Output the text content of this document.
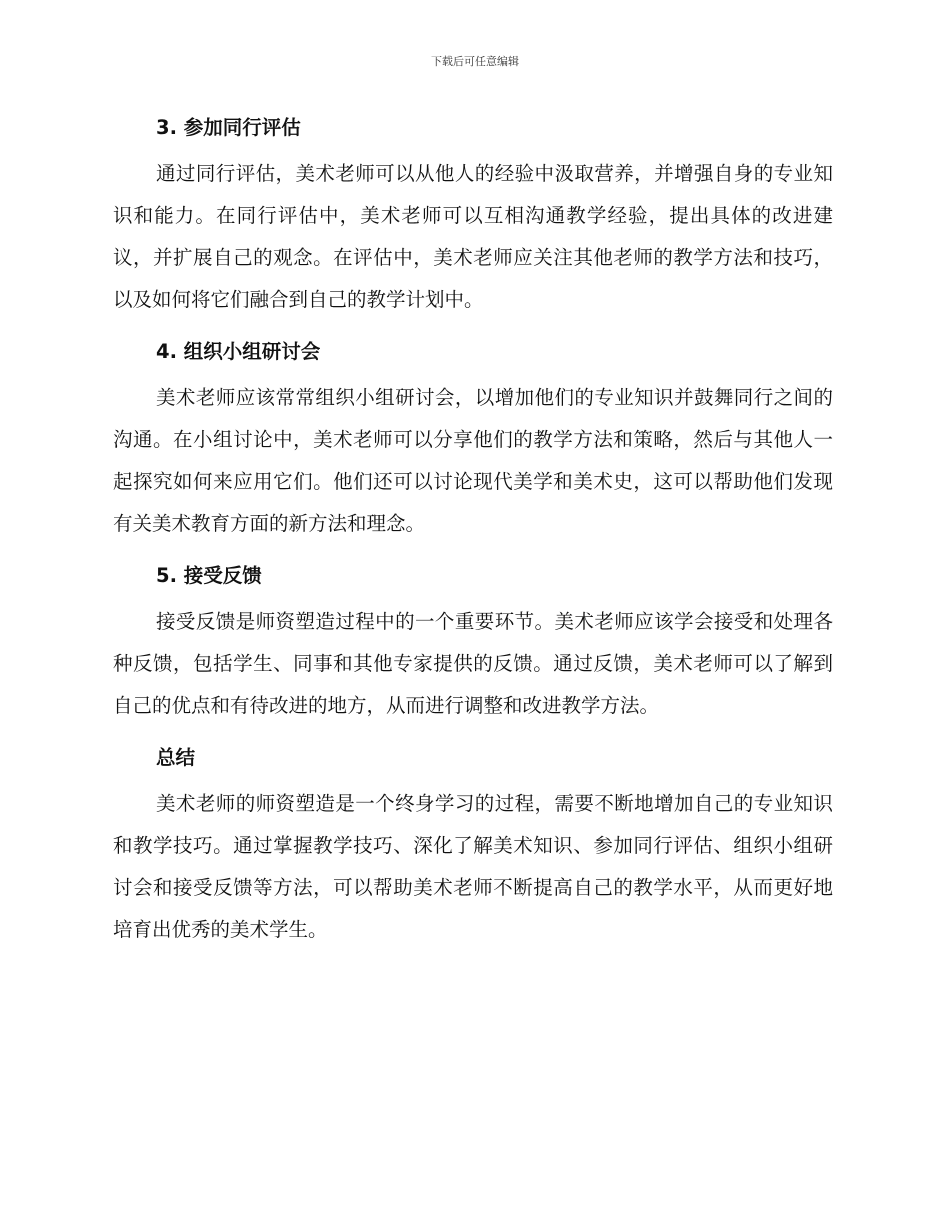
下载后可任意编辑
3. 参加同行评估

通过同行评估，美术老师可以从他人的经验中汲取营养，并增强自身的专业知识和能力。在同行评估中，美术老师可以互相沟通教学经验，提出具体的改进建议，并扩展自己的观念。在评估中，美术老师应关注其他老师的教学方法和技巧，以及如何将它们融合到自己的教学计划中。

4. 组织小组研讨会

美术老师应该常常组织小组研讨会，以增加他们的专业知识并鼓舞同行之间的沟通。在小组讨论中，美术老师可以分享他们的教学方法和策略，然后与其他人一起探究如何来应用它们。他们还可以讨论现代美学和美术史，这可以帮助他们发现有关美术教育方面的新方法和理念。

5. 接受反馈

接受反馈是师资塑造过程中的一个重要环节。美术老师应该学会接受和处理各种反馈，包括学生、同事和其他专家提供的反馈。通过反馈，美术老师可以了解到自己的优点和有待改进的地方，从而进行调整和改进教学方法。

总结

美术老师的师资塑造是一个终身学习的过程，需要不断地增加自己的专业知识和教学技巧。通过掌握教学技巧、深化了解美术知识、参加同行评估、组织小组研讨会和接受反馈等方法，可以帮助美术老师不断提高自己的教学水平，从而更好地培育出优秀的美术学生。
